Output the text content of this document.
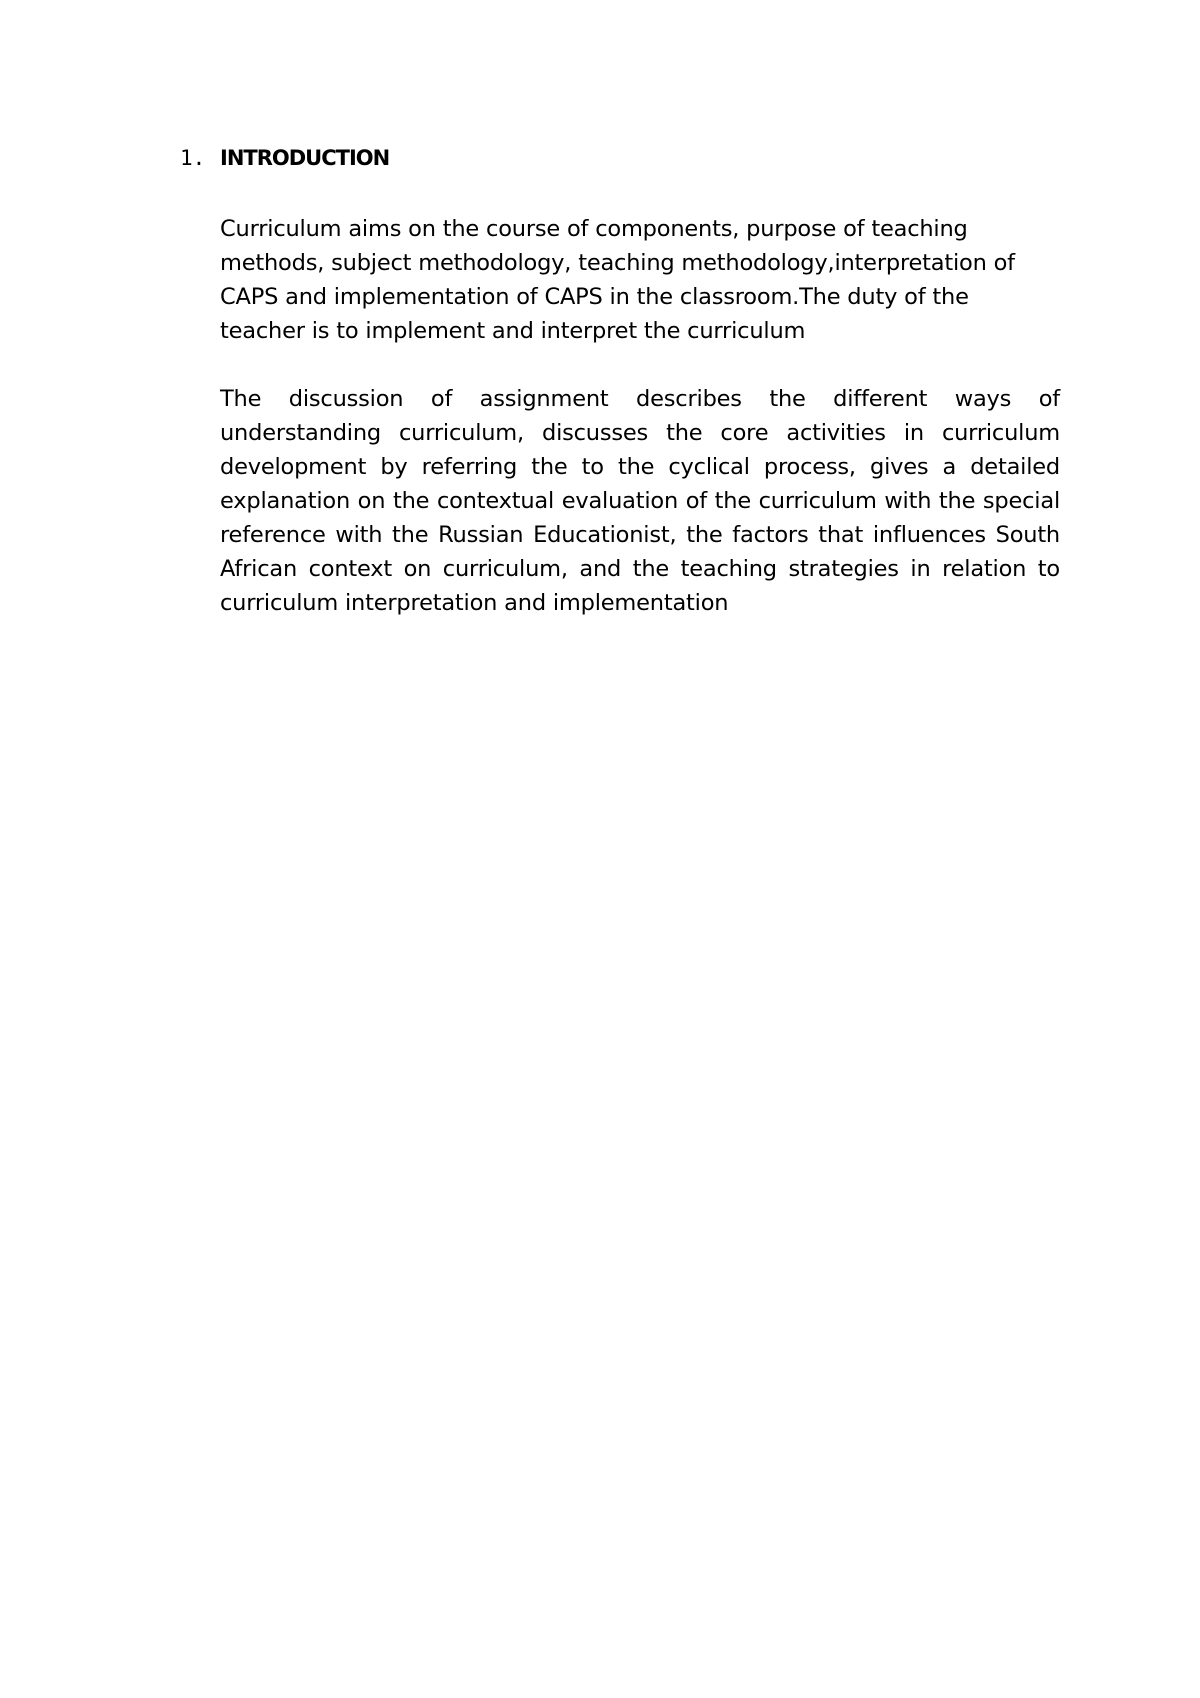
1. INTRODUCTION

Curriculum aims on the course of components, purpose of teaching methods, subject methodology, teaching methodology,interpretation of CAPS and implementation of CAPS in the classroom.The duty of the teacher is to implement and interpret the curriculum

The discussion of assignment describes the different ways of understanding curriculum, discusses the core activities in curriculum development by referring the to the cyclical process, gives a detailed explanation on the contextual evaluation of the curriculum with the special reference with the Russian Educationist, the factors that influences South African context on curriculum, and the teaching strategies in relation to curriculum interpretation and implementation
